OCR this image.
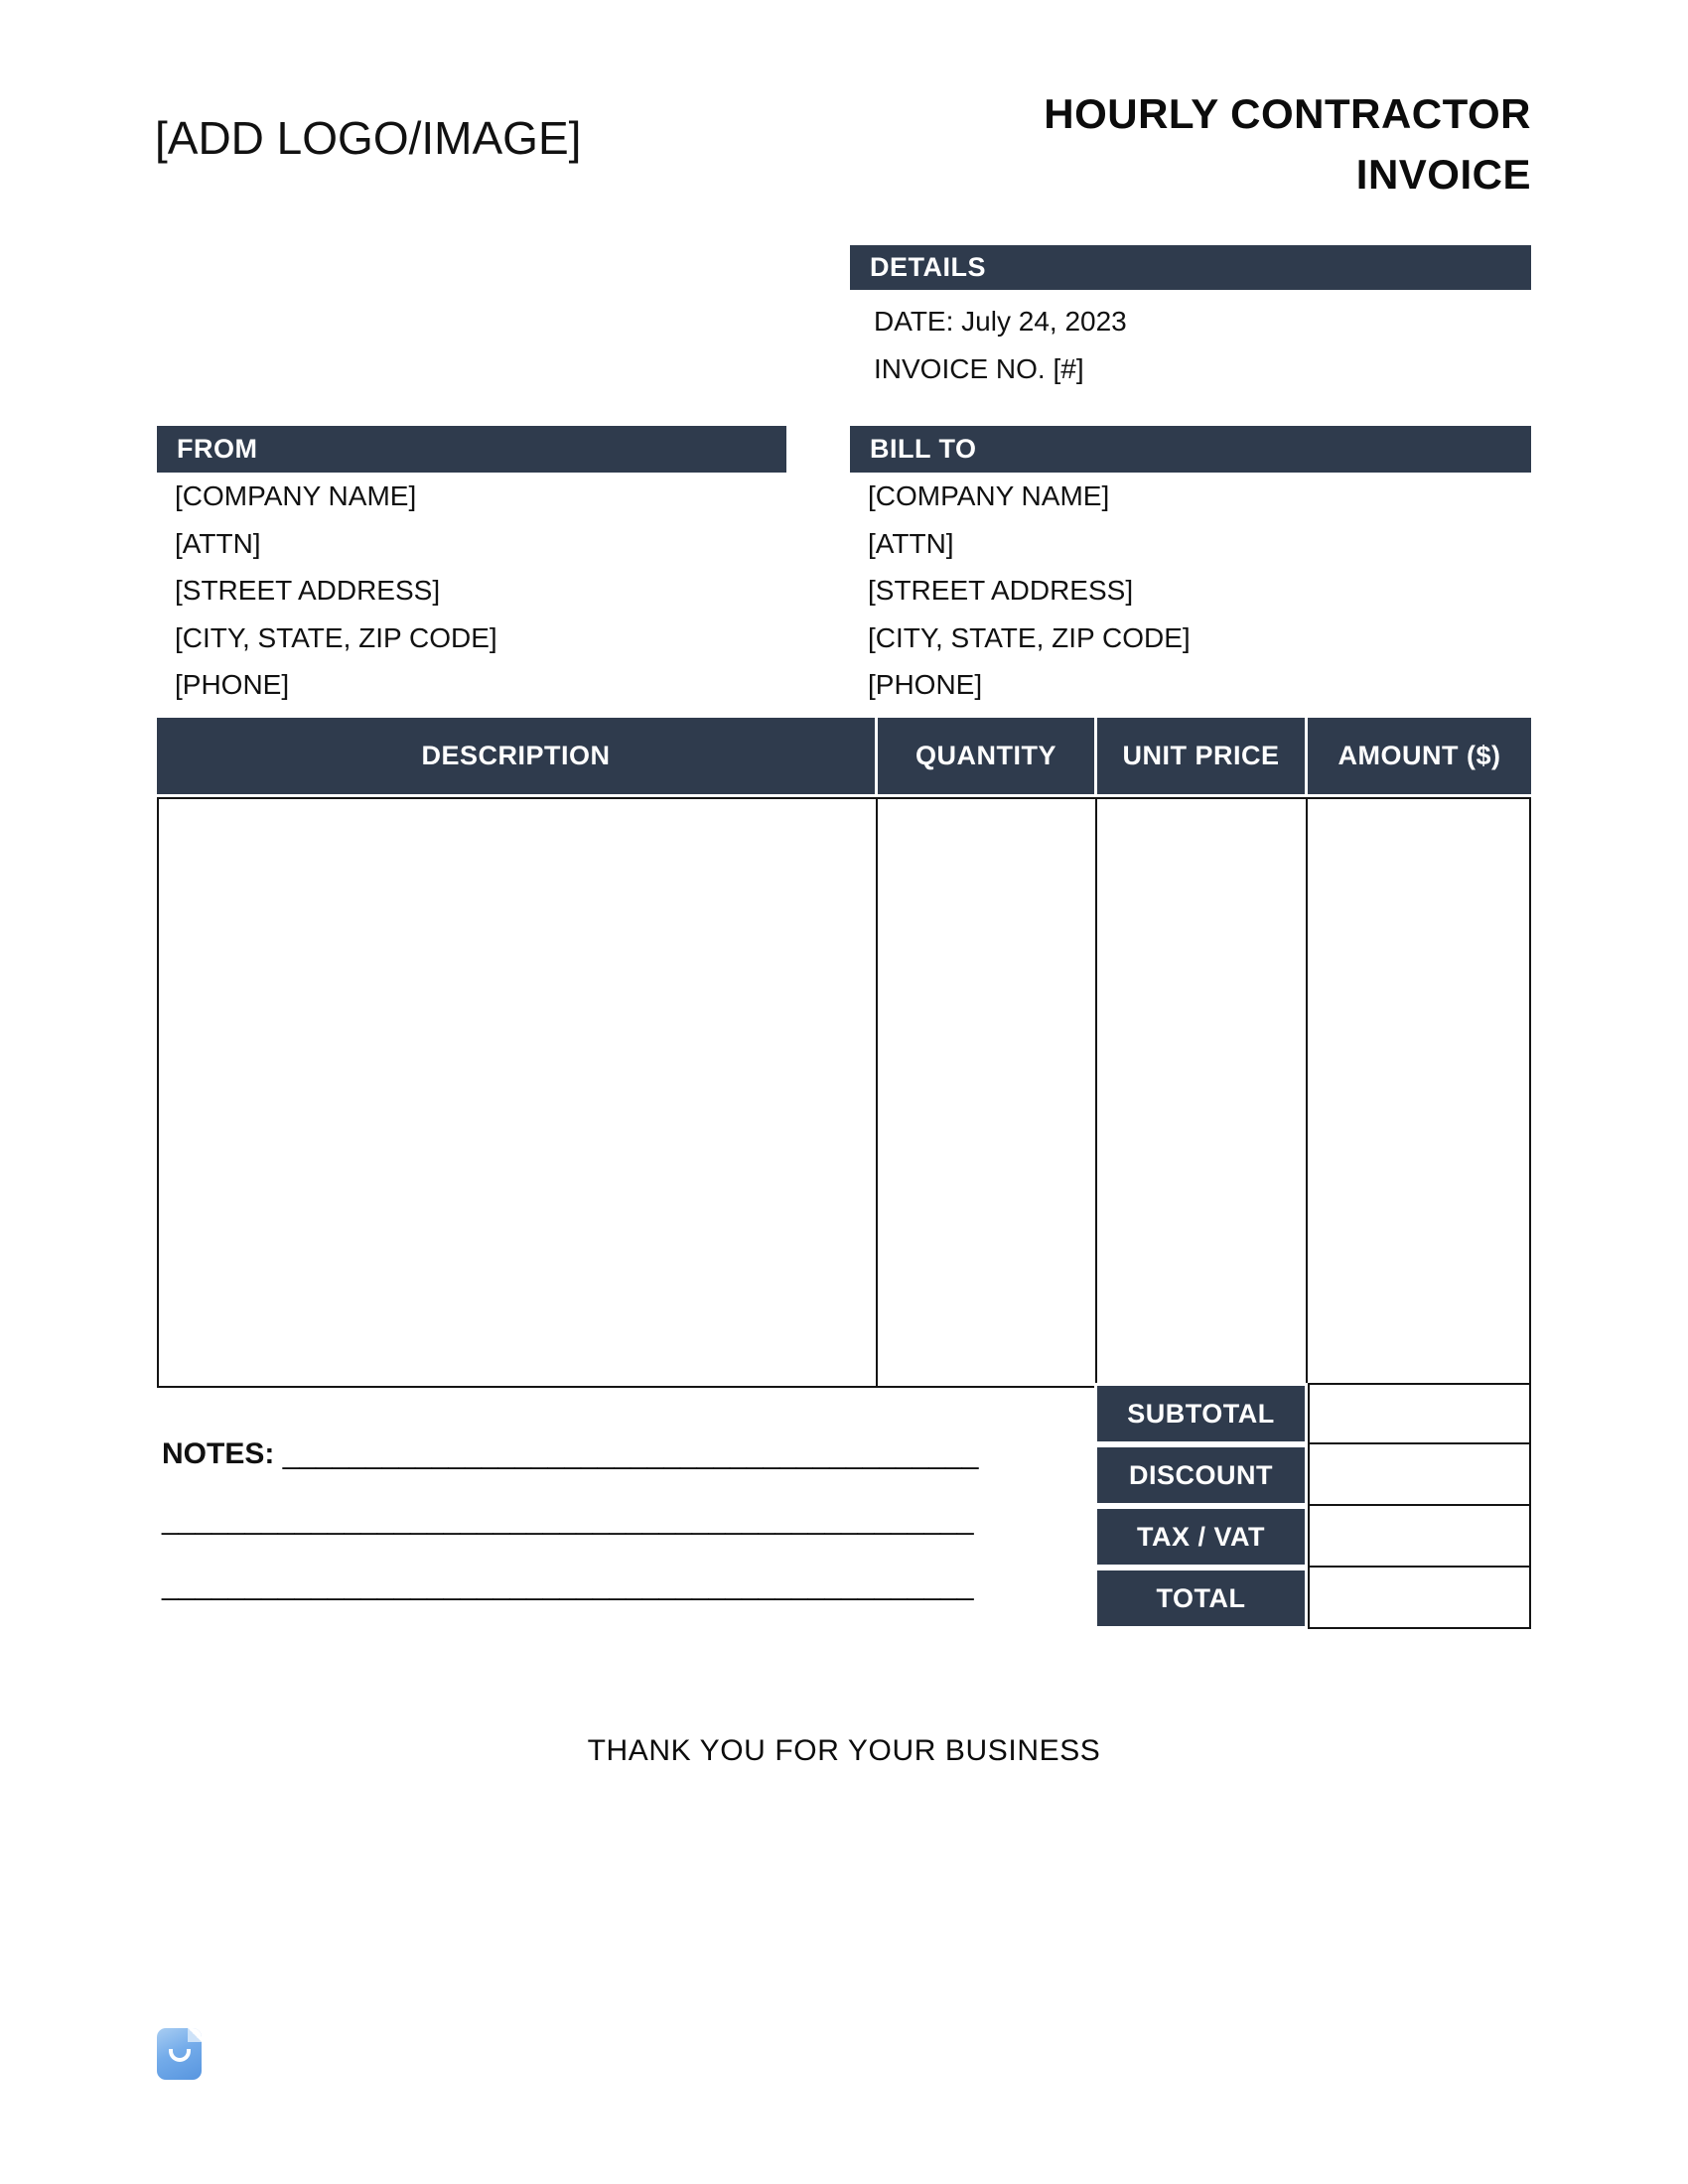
[ADD LOGO/IMAGE]	HOURLY CONTRACTOR
INVOICE
DETAILS
DATE: July 24, 2023
INVOICE NO. [#]
FROM
[COMPANY NAME]
[ATTN]
[STREET ADDRESS]
[CITY, STATE, ZIP CODE]
[PHONE]
BILL TO
[COMPANY NAME]
[ATTN]
[STREET ADDRESS]
[CITY, STATE, ZIP CODE]
[PHONE]
DESCRIPTION	QUANTITY	UNIT PRICE	AMOUNT ($)
SUBTOTAL
DISCOUNT
TAX / VAT
TOTAL
NOTES: __________________________________________
_________________________________________________
_________________________________________________
THANK YOU FOR YOUR BUSINESS
